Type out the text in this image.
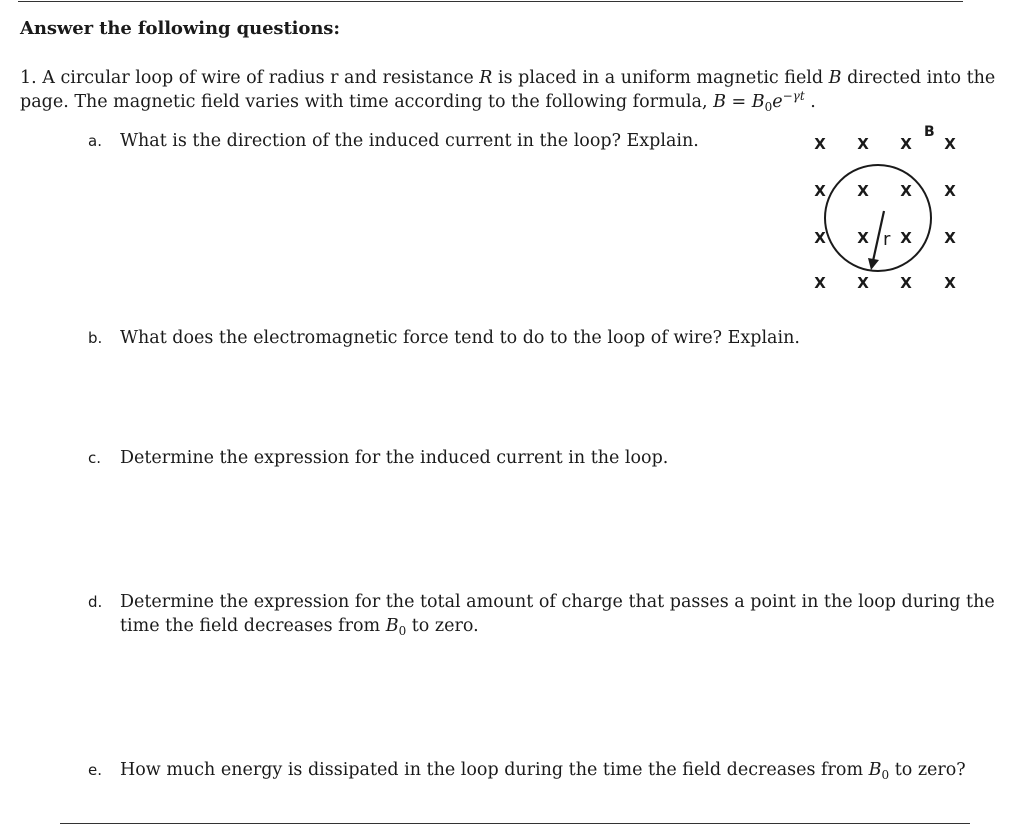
Answer the following questions:
1. A circular loop of wire of radius r and resistance R is placed in a uniform magnetic field B directed into the page. The magnetic field varies with time according to the following formula, $B = B_0e^{-\gamma t}$ .
a. What is the direction of the induced current in the loop? Explain.
b. What does the electromagnetic force tend to do to the loop of wire? Explain.
c. Determine the expression for the induced current in the loop.
d. Determine the expression for the total amount of charge that passes a point in the loop during the time the field decreases from $B_0$ to zero.
e. How much energy is dissipated in the loop during the time the field decreases from $B_0$ to zero?
B
X X X X
X X X X
X X X X
X X X X
r
